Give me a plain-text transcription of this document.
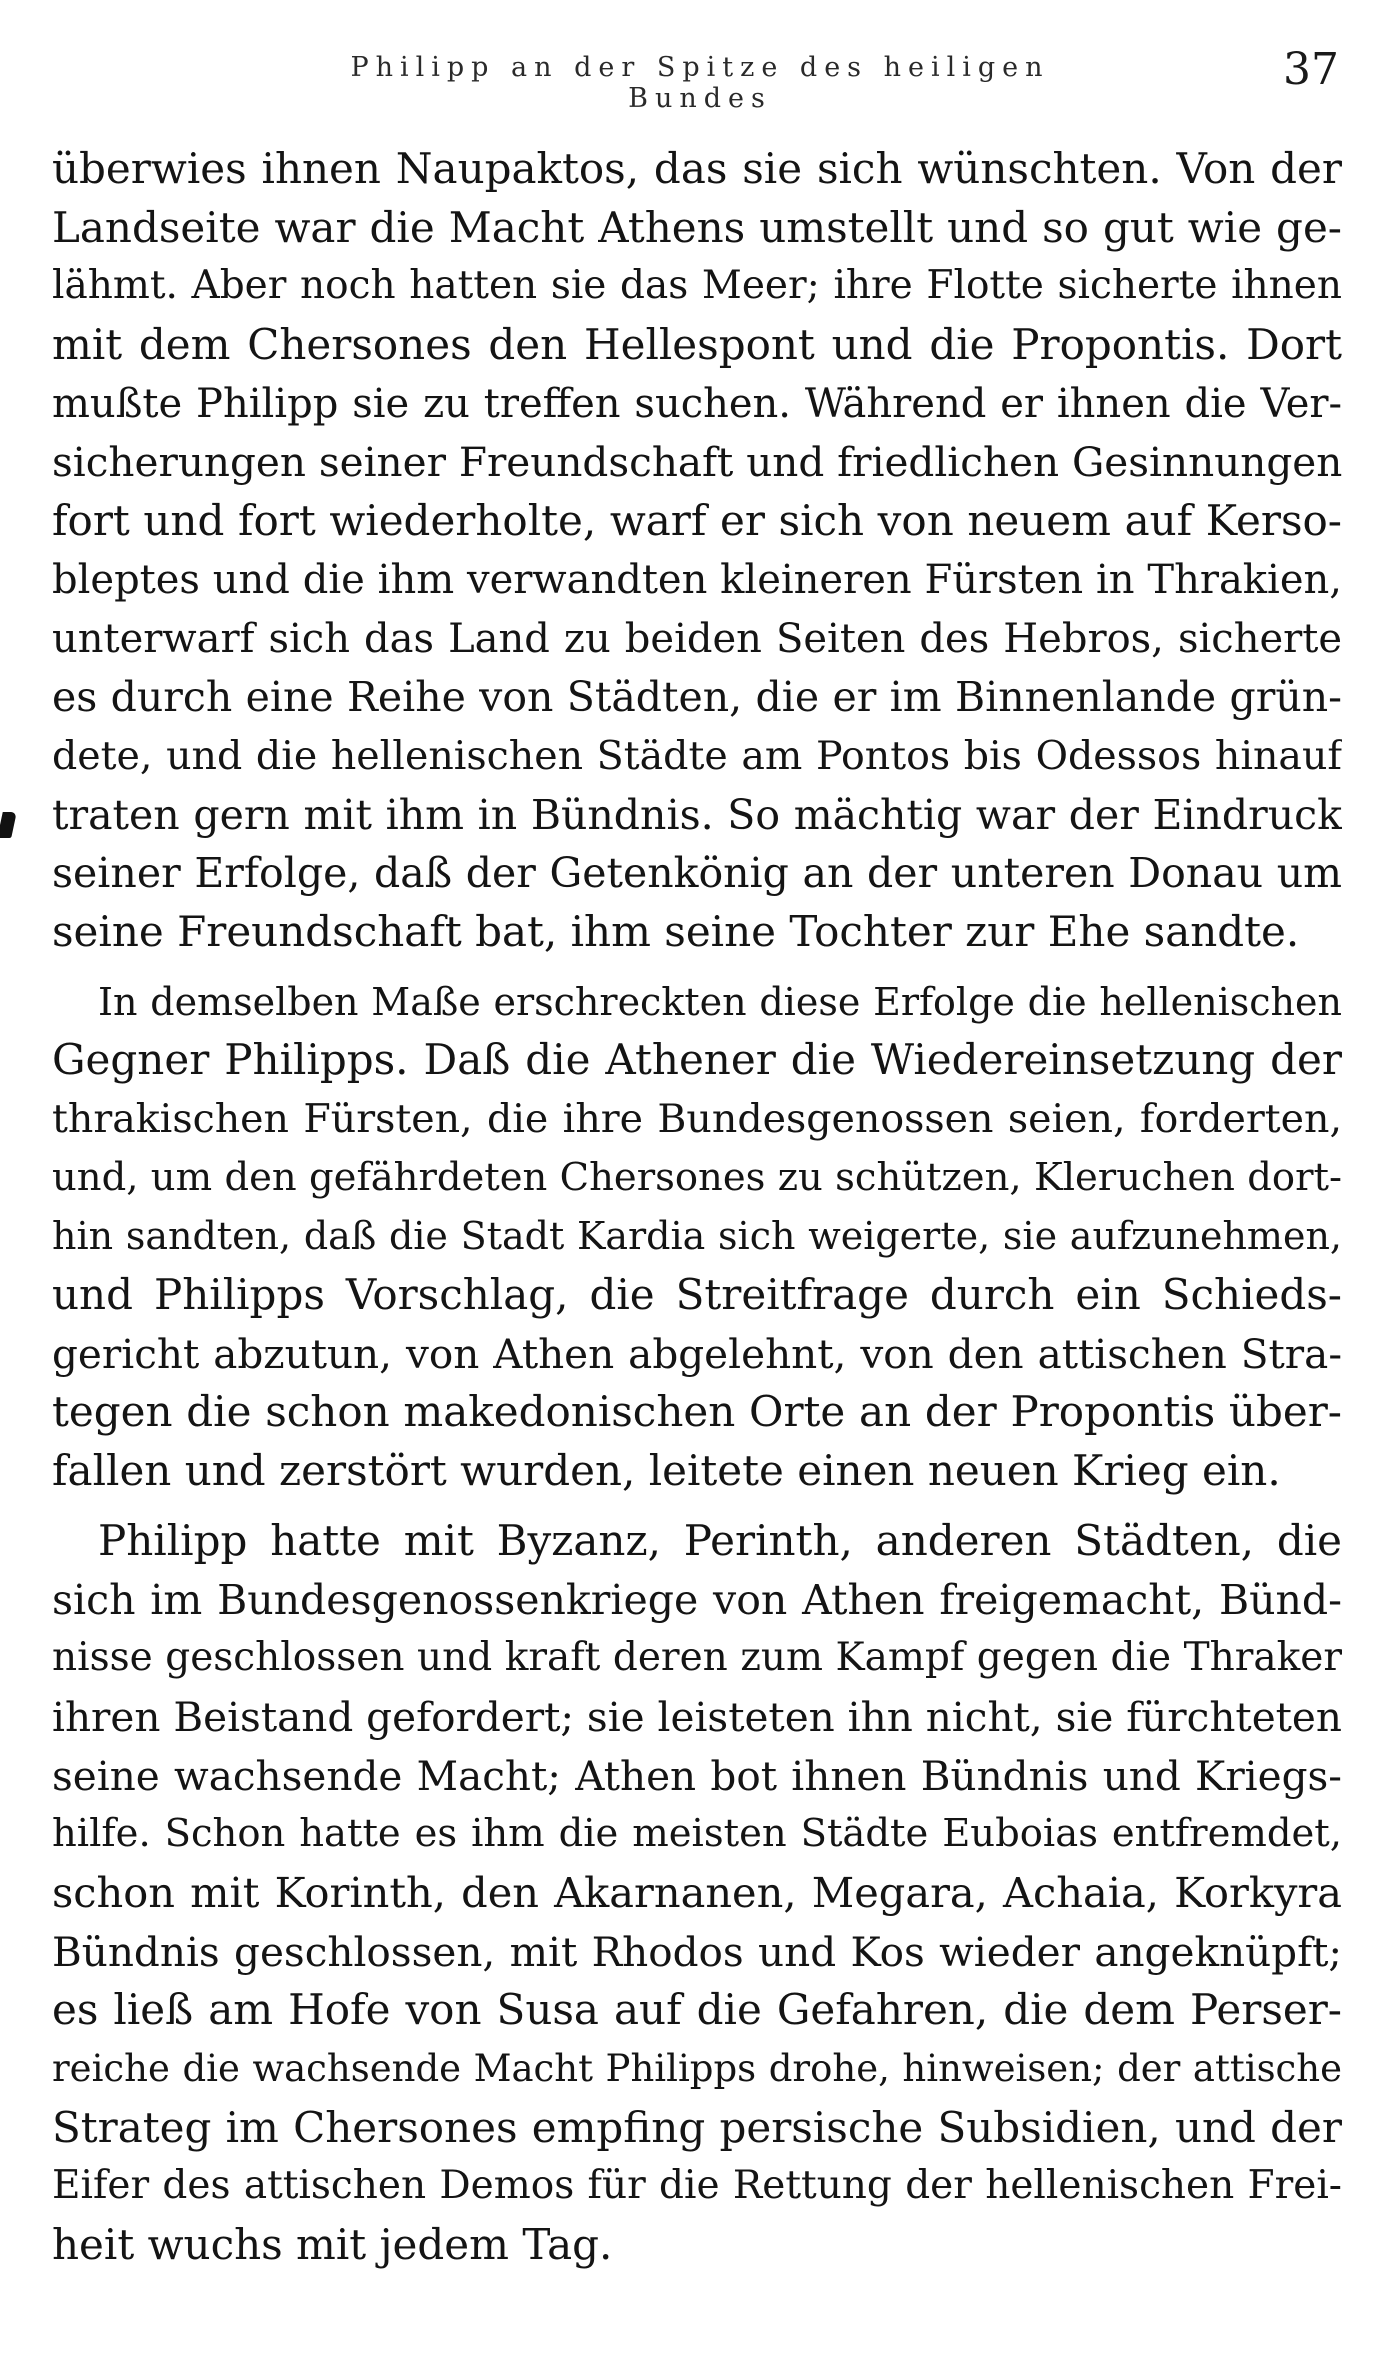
Philipp an der Spitze des heiligen Bundes
37
überwies ihnen Naupaktos, das sie sich wünschten. Von der
Landseite war die Macht Athens umstellt und so gut wie ge-
lähmt. Aber noch hatten sie das Meer; ihre Flotte sicherte ihnen
mit dem Chersones den Hellespont und die Propontis. Dort
mußte Philipp sie zu treffen suchen. Während er ihnen die Ver-
sicherungen seiner Freundschaft und friedlichen Gesinnungen
fort und fort wiederholte, warf er sich von neuem auf Kerso-
bleptes und die ihm verwandten kleineren Fürsten in Thrakien,
unterwarf sich das Land zu beiden Seiten des Hebros, sicherte
es durch eine Reihe von Städten, die er im Binnenlande grün-
dete, und die hellenischen Städte am Pontos bis Odessos hinauf
traten gern mit ihm in Bündnis. So mächtig war der Eindruck
seiner Erfolge, daß der Getenkönig an der unteren Donau um
seine Freundschaft bat, ihm seine Tochter zur Ehe sandte.
In demselben Maße erschreckten diese Erfolge die hellenischen
Gegner Philipps. Daß die Athener die Wiedereinsetzung der
thrakischen Fürsten, die ihre Bundesgenossen seien, forderten,
und, um den gefährdeten Chersones zu schützen, Kleruchen dort-
hin sandten, daß die Stadt Kardia sich weigerte, sie aufzunehmen,
und Philipps Vorschlag, die Streitfrage durch ein Schieds-
gericht abzutun, von Athen abgelehnt, von den attischen Stra-
tegen die schon makedonischen Orte an der Propontis über-
fallen und zerstört wurden, leitete einen neuen Krieg ein.
Philipp hatte mit Byzanz, Perinth, anderen Städten, die
sich im Bundesgenossenkriege von Athen freigemacht, Bünd-
nisse geschlossen und kraft deren zum Kampf gegen die Thraker
ihren Beistand gefordert; sie leisteten ihn nicht, sie fürchteten
seine wachsende Macht; Athen bot ihnen Bündnis und Kriegs-
hilfe. Schon hatte es ihm die meisten Städte Euboias entfremdet,
schon mit Korinth, den Akarnanen, Megara, Achaia, Korkyra
Bündnis geschlossen, mit Rhodos und Kos wieder angeknüpft;
es ließ am Hofe von Susa auf die Gefahren, die dem Perser-
reiche die wachsende Macht Philipps drohe, hinweisen; der attische
Strateg im Chersones empfing persische Subsidien, und der
Eifer des attischen Demos für die Rettung der hellenischen Frei-
heit wuchs mit jedem Tag.
